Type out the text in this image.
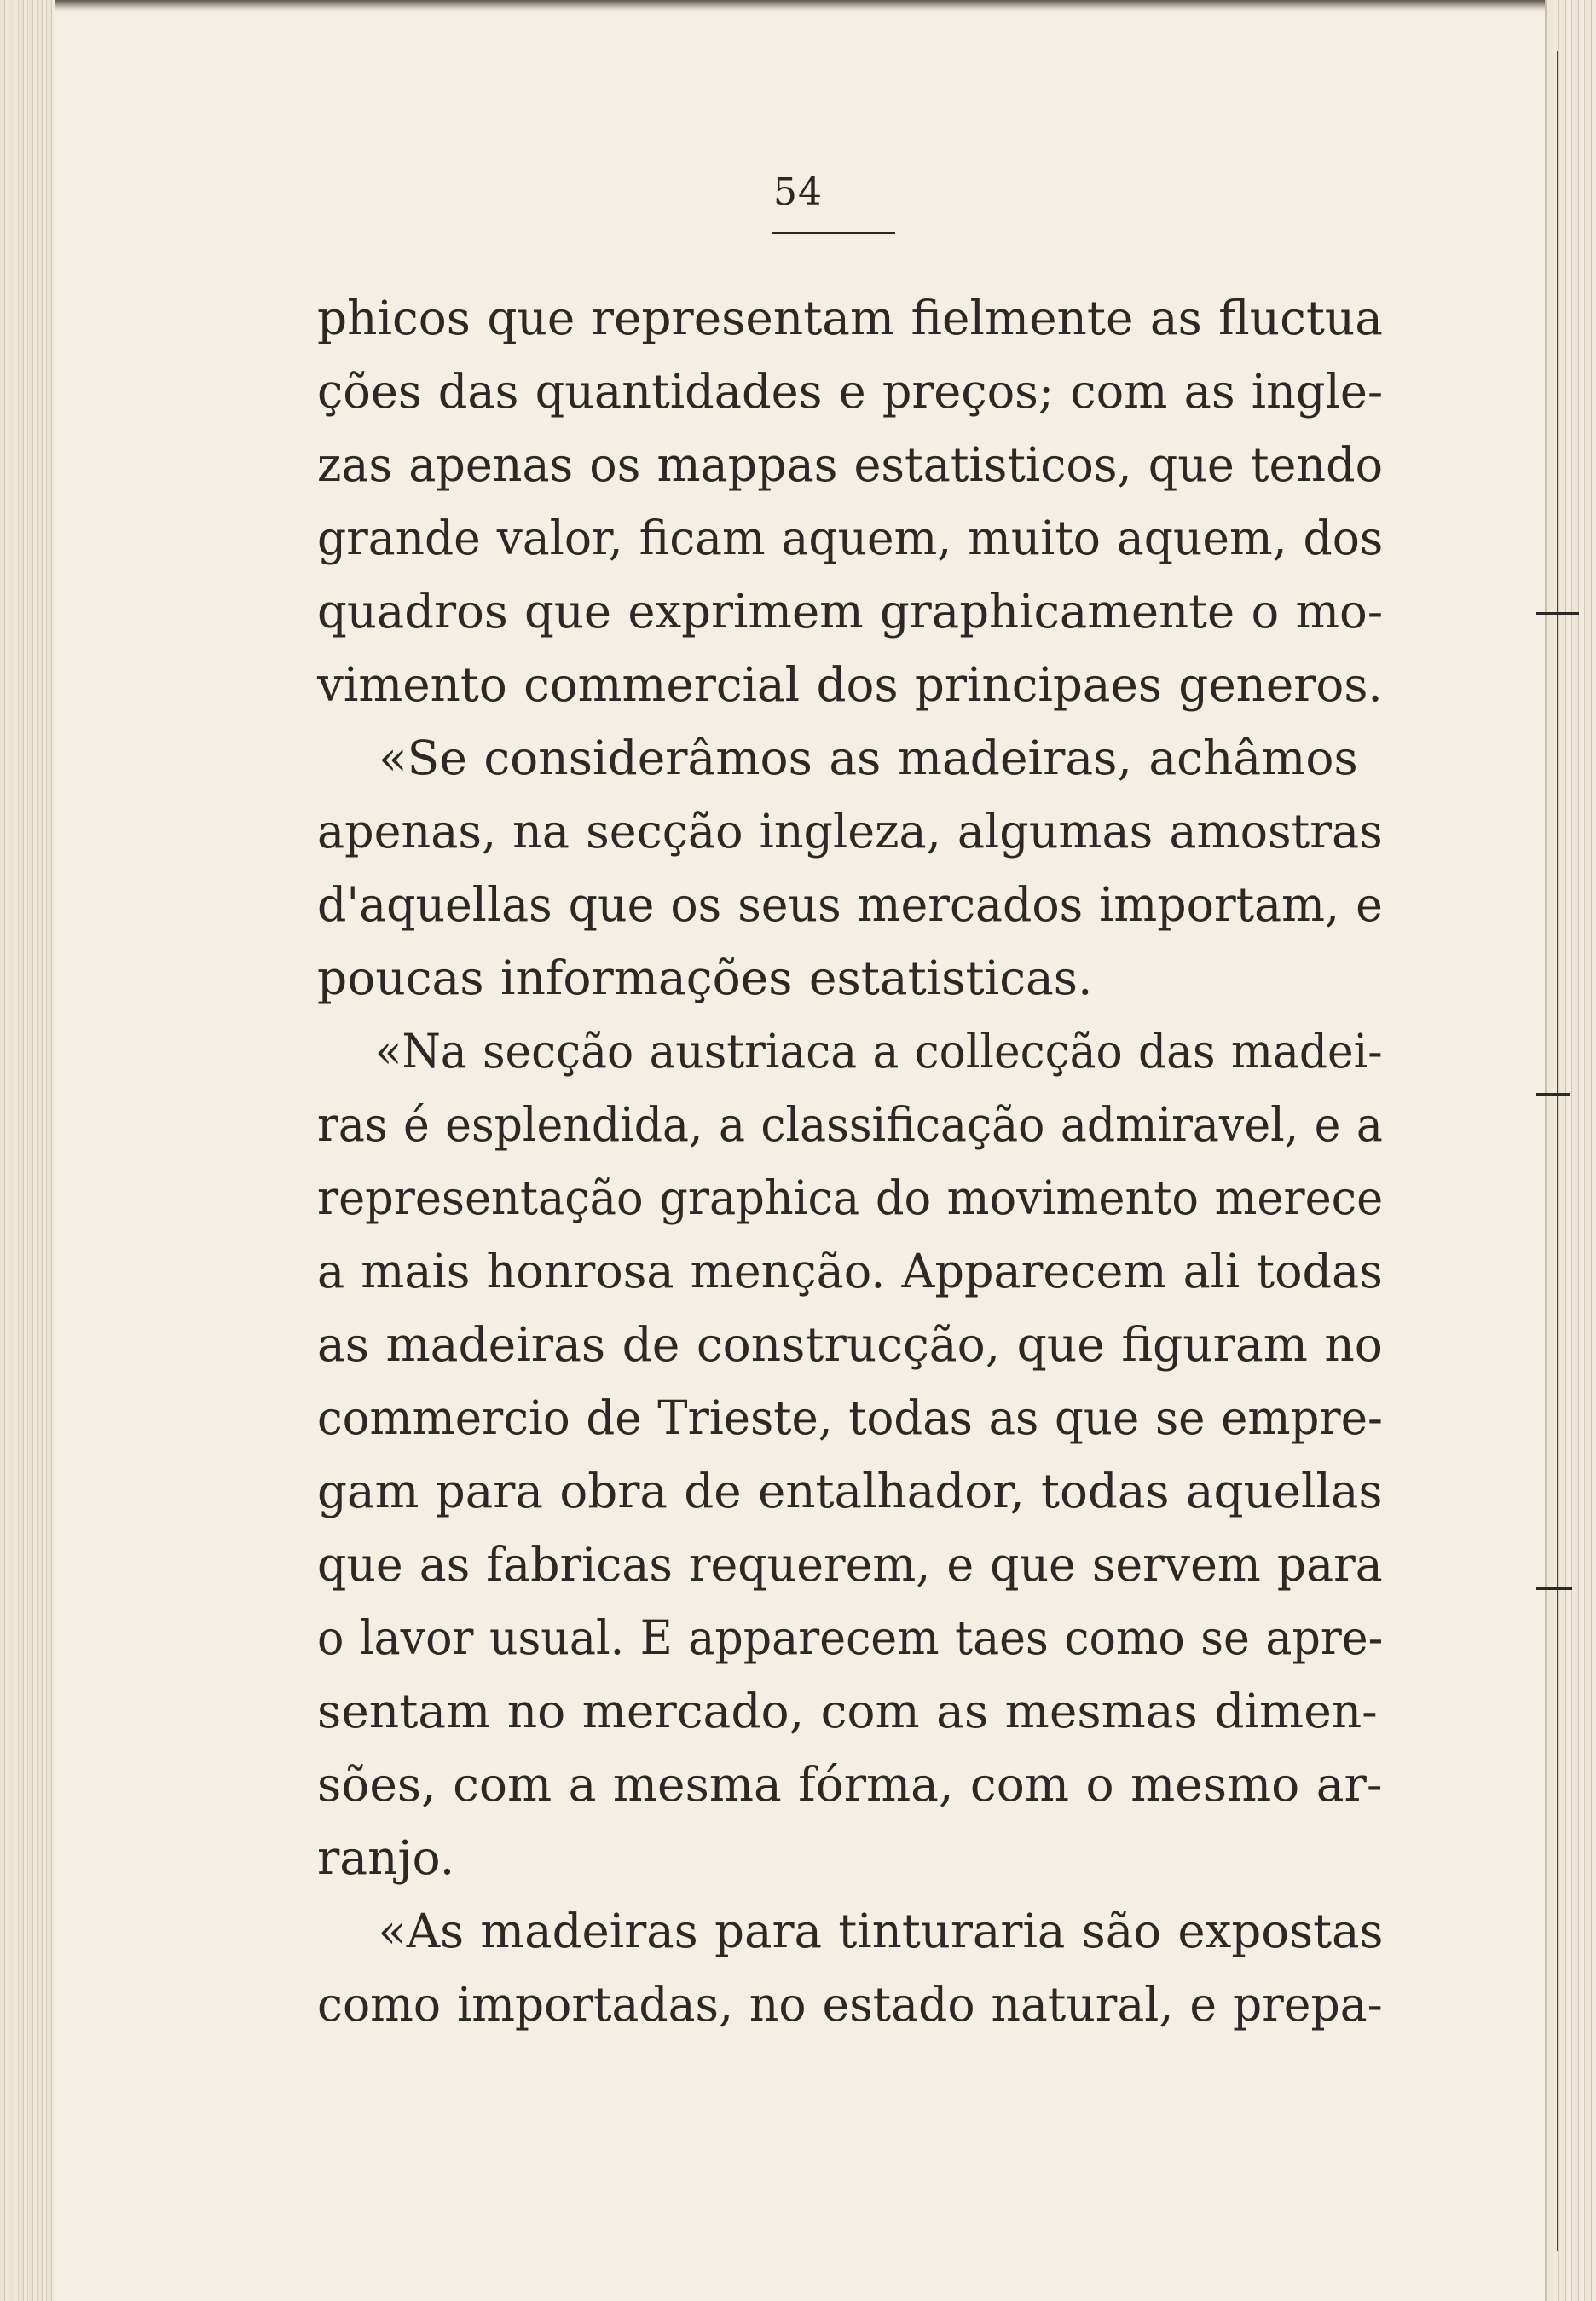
54
phicos que representam fielmente as fluctua
ções das quantidades e preços; com as ingle-
zas apenas os mappas estatisticos, que tendo
grande valor, ficam aquem, muito aquem, dos
quadros que exprimem graphicamente o mo-
vimento commercial dos principaes generos.
«Se considerâmos as madeiras, achâmos
apenas, na secção ingleza, algumas amostras
d'aquellas que os seus mercados importam, e
poucas informações estatisticas.
«Na secção austriaca a collecção das madei-
ras é esplendida, a classificação admiravel, e a
representação graphica do movimento merece
a mais honrosa menção. Apparecem ali todas
as madeiras de construcção, que figuram no
commercio de Trieste, todas as que se empre-
gam para obra de entalhador, todas aquellas
que as fabricas requerem, e que servem para
o lavor usual. E apparecem taes como se apre-
sentam no mercado, com as mesmas dimen-
sões, com a mesma fórma, com o mesmo ar-
ranjo.
«As madeiras para tinturaria são expostas
como importadas, no estado natural, e prepa-
